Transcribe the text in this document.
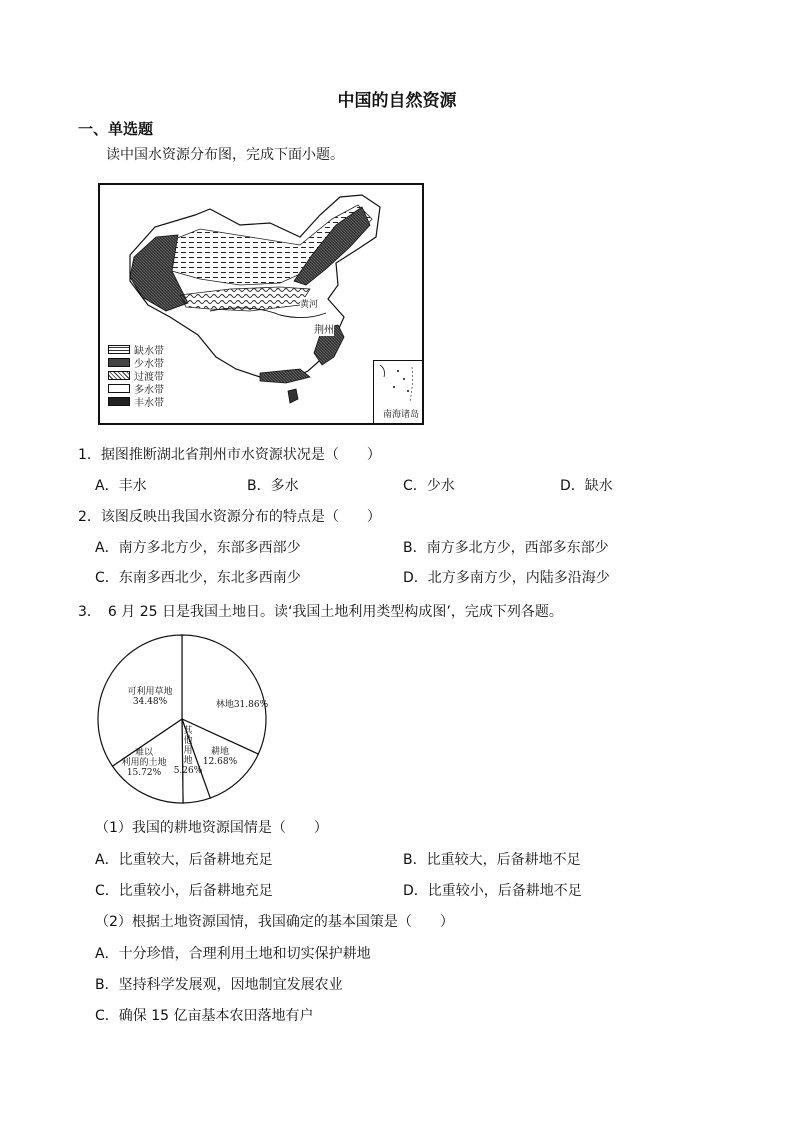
中国的自然资源
一、单选题
读中国水资源分布图，完成下面小题。
黄河
荆州
缺水带
少水带
过渡带
多水带
丰水带
南海诸岛
1．据图推断湖北省荆州市水资源状况是（　　）
A．丰水	B．多水	C．少水	D．缺水
2．该图反映出我国水资源分布的特点是（　　）
A．南方多北方少，东部多西部少	B．南方多北方少，西部多东部少
C．东南多西北少，东北多西南少	D．北方多南方少，内陆多沿海少
3．　6 月 25 日是我国土地日。读‘我国土地利用类型构成图’，完成下列各题。
林地31.86%
耕地
12.68%
其
他
用
地
5.26%
难以
利用的土地
15.72%
可利用草地
34.48%
（1）我国的耕地资源国情是（　　）
A．比重较大，后备耕地充足	B．比重较大，后备耕地不足
C．比重较小，后备耕地充足	D．比重较小，后备耕地不足
（2）根据土地资源国情，我国确定的基本国策是（　　）
A．十分珍惜，合理利用土地和切实保护耕地
B．坚持科学发展观，因地制宜发展农业
C．确保 15 亿亩基本农田落地有户
